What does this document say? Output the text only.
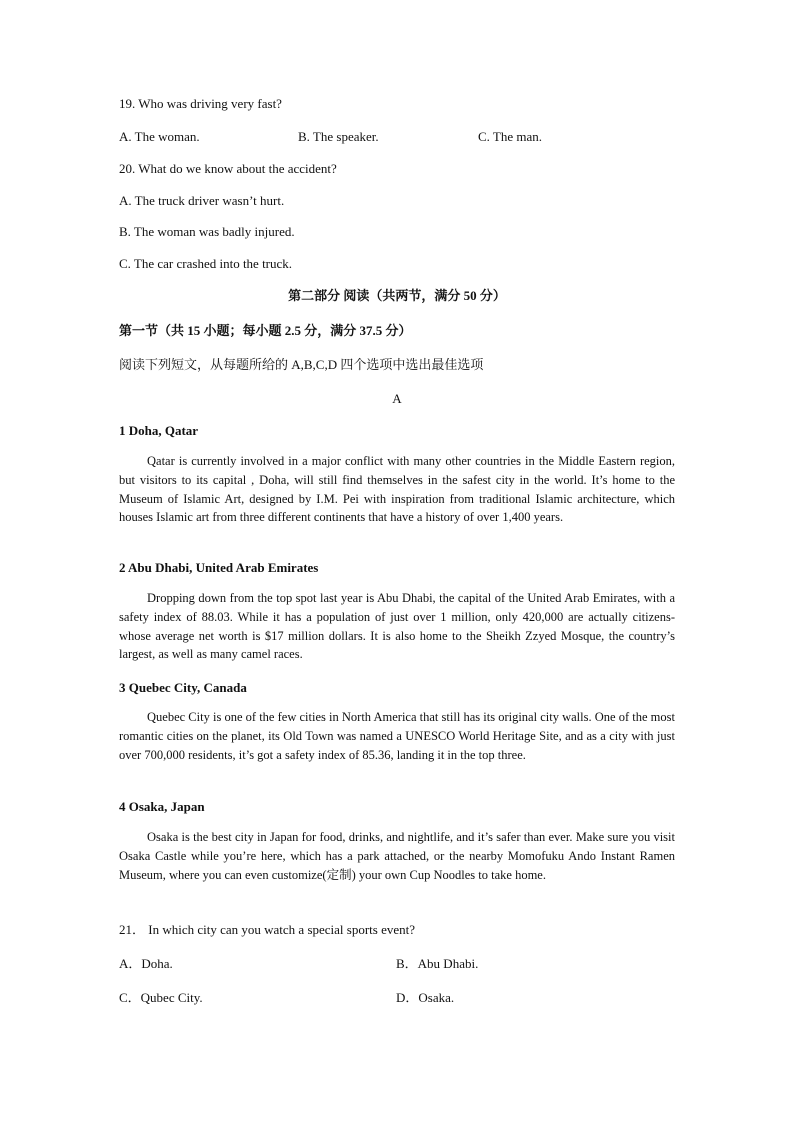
19. Who was driving very fast?
A. The woman.	B. The speaker.	C. The man.
20. What do we know about the accident?
A. The truck driver wasn’t hurt.
B. The woman was badly injured.
C. The car crashed into the truck.
第二部分 阅读（共两节，满分 50 分）
第一节（共 15 小题；每小题 2.5 分，满分 37.5 分）
阅读下列短文，从每题所给的 A,B,C,D 四个选项中选出最佳选项
A
1 Doha, Qatar

Qatar is currently involved in a major conflict with many other countries in the Middle Eastern region, but visitors to its capital , Doha, will still find themselves in the safest city in the world. It’s home to the Museum of Islamic Art, designed by I.M. Pei with inspiration from traditional Islamic architecture, which houses Islamic art from three different continents that have a history of over 1,400 years.

2 Abu Dhabi, United Arab Emirates

Dropping down from the top spot last year is Abu Dhabi, the capital of the United Arab Emirates, with a safety index of 88.03. While it has a population of just over 1 million, only 420,000 are actually citizens-whose average net worth is $17 million dollars. It is also home to the Sheikh Zzyed Mosque, the country’s largest, as well as many camel races.

3 Quebec City, Canada

Quebec City is one of the few cities in North America that still has its original city walls. One of the most romantic cities on the planet, its Old Town was named a UNESCO World Heritage Site, and as a city with just over 700,000 residents, it’s got a safety index of 85.36, landing it in the top three.

4 Osaka, Japan

Osaka is the best city in Japan for food, drinks, and nightlife, and it’s safer than ever. Make sure you visit Osaka Castle while you’re here, which has a park attached, or the nearby Momofuku Ando Instant Ramen Museum, where you can even customize(定制) your own Cup Noodles to take home.

21． In which city can you watch a special sports event?
A．Doha.	B．Abu Dhabi.
C．Qubec City.	D．Osaka.
